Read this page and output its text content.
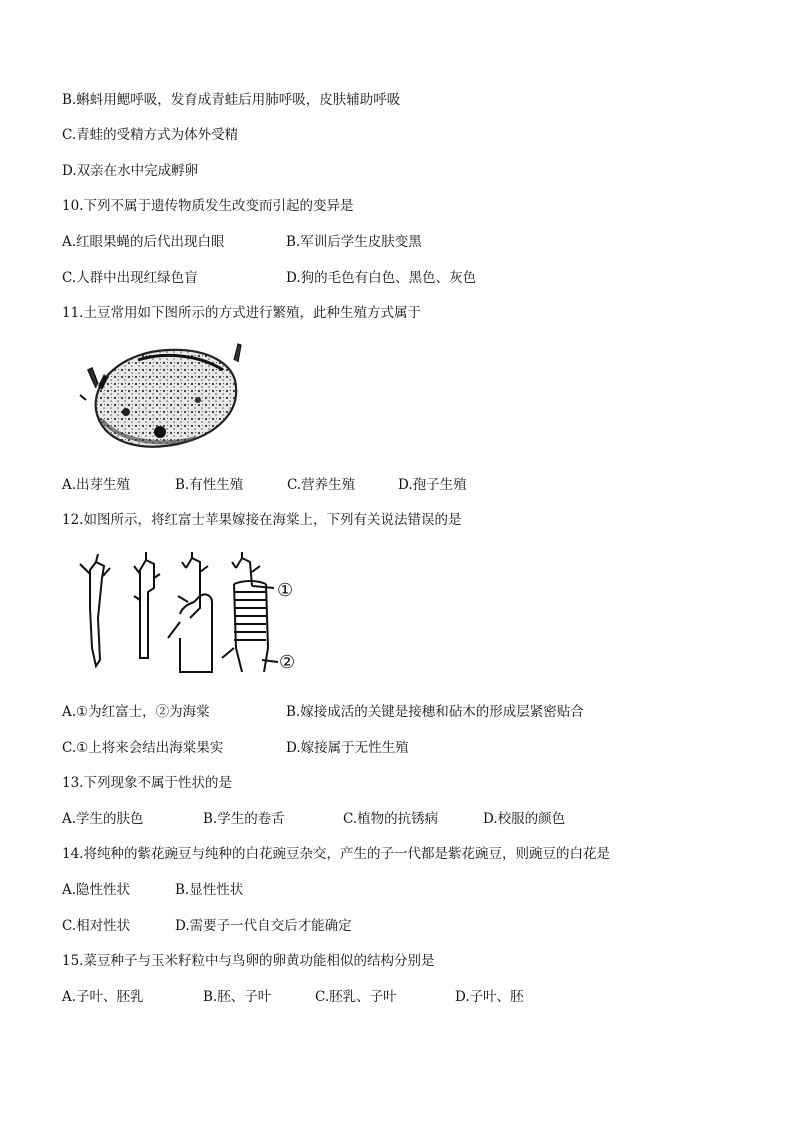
B.蝌蚪用鳃呼吸，发育成青蛙后用肺呼吸，皮肤辅助呼吸
C.青蛙的受精方式为体外受精
D.双亲在水中完成孵卵
10.下列不属于遗传物质发生改变而引起的变异是
A.红眼果蝇的后代出现白眼	B.军训后学生皮肤变黑
C.人群中出现红绿色盲	D.狗的毛色有白色、黑色、灰色
11.土豆常用如下图所示的方式进行繁殖，此种生殖方式属于
A.出芽生殖	B.有性生殖	C.营养生殖	D.孢子生殖
12.如图所示，将红富士苹果嫁接在海棠上，下列有关说法错误的是
①
②
A.①为红富士，②为海棠	B.嫁接成活的关键是接穗和砧木的形成层紧密贴合
C.①上将来会结出海棠果实	D.嫁接属于无性生殖
13.下列现象不属于性状的是
A.学生的肤色	B.学生的卷舌	C.植物的抗锈病	D.校服的颜色
14.将纯种的紫花豌豆与纯种的白花豌豆杂交，产生的子一代都是紫花豌豆，则豌豆的白花是
A.隐性性状	B.显性性状
C.相对性状	D.需要子一代自交后才能确定
15.菜豆种子与玉米籽粒中与鸟卵的卵黄功能相似的结构分别是
A.子叶、胚乳	B.胚、子叶	C.胚乳、子叶	D.子叶、胚
